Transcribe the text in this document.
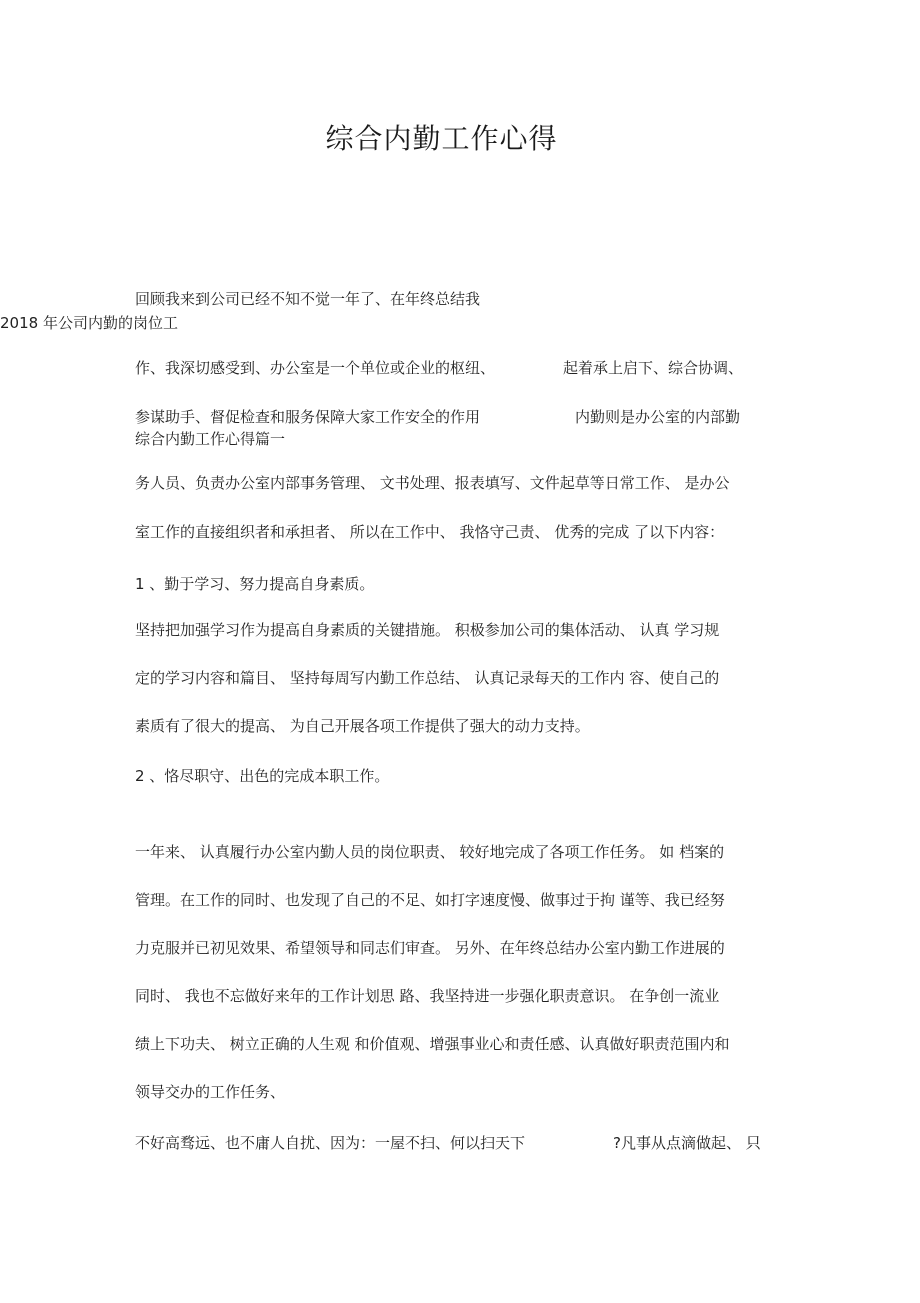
综合内勤工作心得
回顾我来到公司已经不知不觉一年了、在年终总结我
2018 年公司内勤的岗位工
作、我深切感受到、办公室是一个单位或企业的枢纽、	起着承上启下、综合协调、
参谋助手、督促检查和服务保障大家工作安全的作用	内勤则是办公室的内部勤
综合内勤工作心得篇一
务人员、负责办公室内部事务管理、 文书处理、报表填写、文件起草等日常工作、 是办公
室工作的直接组织者和承担者、 所以在工作中、 我恪守己责、 优秀的完成 了以下内容：
1 、勤于学习、努力提高自身素质。
坚持把加强学习作为提高自身素质的关键措施。 积极参加公司的集体活动、 认真 学习规
定的学习内容和篇目、 坚持每周写内勤工作总结、 认真记录每天的工作内 容、使自己的
素质有了很大的提高、 为自己开展各项工作提供了强大的动力支持。
2 、恪尽职守、出色的完成本职工作。
一年来、 认真履行办公室内勤人员的岗位职责、 较好地完成了各项工作任务。 如 档案的
管理。在工作的同时、也发现了自己的不足、如打字速度慢、做事过于拘 谨等、我已经努
力克服并已初见效果、希望领导和同志们审查。 另外、在年终总结办公室内勤工作进展的
同时、 我也不忘做好来年的工作计划思 路、我坚持进一步强化职责意识。 在争创一流业
绩上下功夫、 树立正确的人生观 和价值观、增强事业心和责任感、认真做好职责范围内和
领导交办的工作任务、
不好高骛远、也不庸人自扰、因为：一屋不扫、何以扫天下	?凡事从点滴做起、 只
